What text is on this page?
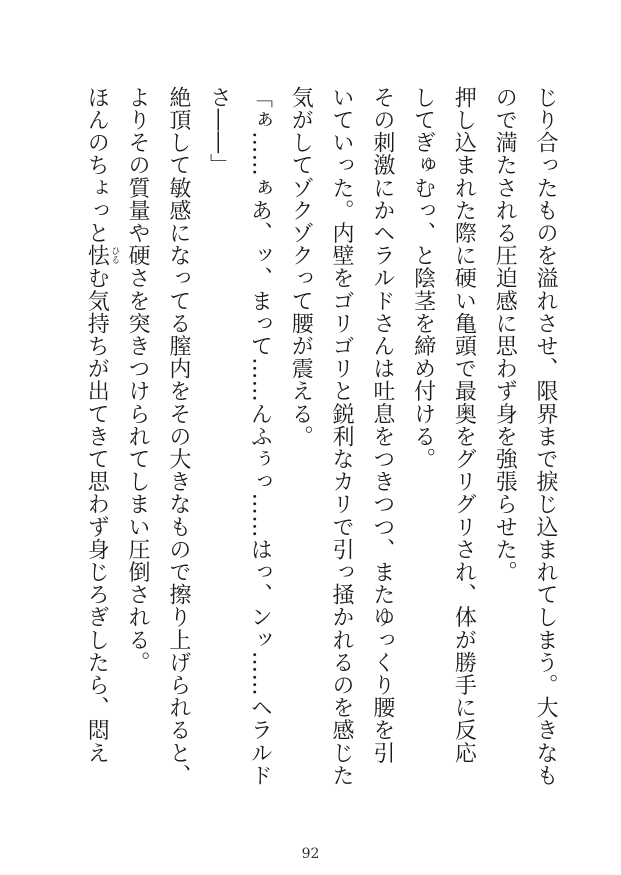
じり合ったものを溢れさせ、限界まで捩じ込まれてしまう。大きなも
ので満たされる圧迫感に思わず身を強張らせた。
押し込まれた際に硬い亀頭で最奥をグリグリされ、体が勝手に反応
してぎゅむっ、と陰茎を締め付ける。
その刺激にかヘラルドさんは吐息をつきつつ、またゆっくり腰を引
いていった。内壁をゴリゴリと鋭利なカリで引っ掻かれるのを感じた
気がしてゾクゾクって腰が震える。
「ぁ……ぁあ、ッ、まって……んふぅっ……はっ、ンッ……ヘラルド
さ――」
絶頂して敏感になってる膣内をその大きなもので擦り上げられると、
よりその質量や硬さを突きつけられてしまい圧倒される。
ほんのちょっと怯 ひる
む気持ちが出てきて思わず身じろぎしたら、悶え
92
